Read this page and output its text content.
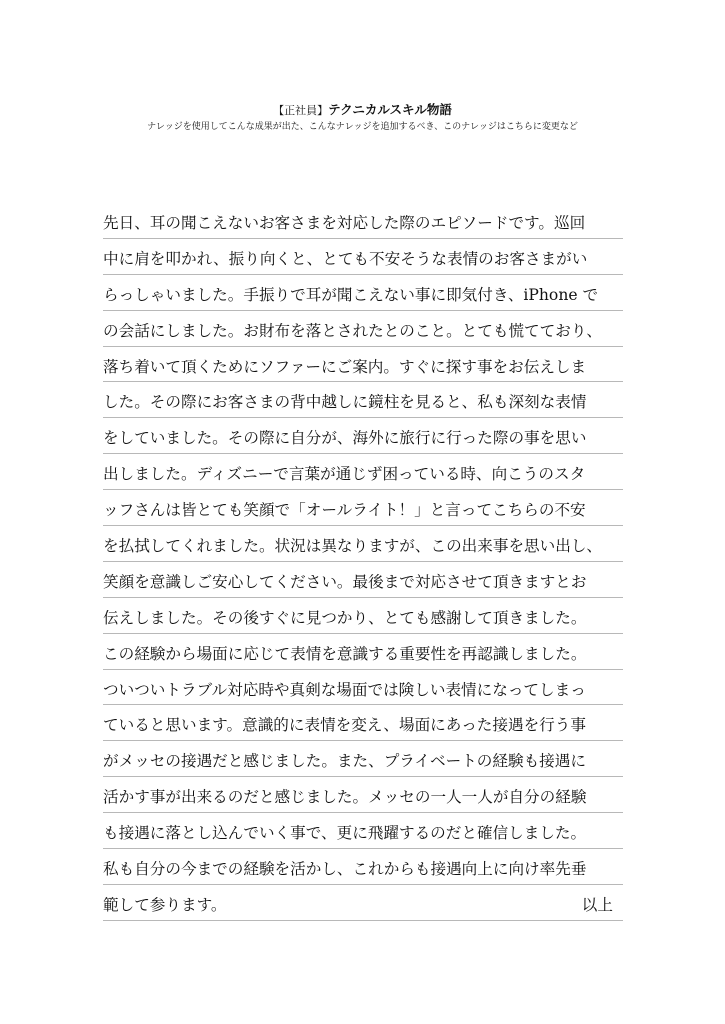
【正社員】テクニカルスキル物語
ナレッジを使用してこんな成果が出た、こんなナレッジを追加するべき、このナレッジはこちらに変更など
先日、耳の聞こえないお客さまを対応した際のエピソードです。巡回
中に肩を叩かれ、振り向くと、とても不安そうな表情のお客さまがい
らっしゃいました。手振りで耳が聞こえない事に即気付き、iPhone で
の会話にしました。お財布を落とされたとのこと。とても慌てており、
落ち着いて頂くためにソファーにご案内。すぐに探す事をお伝えしま
した。その際にお客さまの背中越しに鏡柱を見ると、私も深刻な表情
をしていました。その際に自分が、海外に旅行に行った際の事を思い
出しました。ディズニーで言葉が通じず困っている時、向こうのスタ
ッフさんは皆とても笑顔で「オールライト！」と言ってこちらの不安
を払拭してくれました。状況は異なりますが、この出来事を思い出し、
笑顔を意識しご安心してください。最後まで対応させて頂きますとお
伝えしました。その後すぐに見つかり、とても感謝して頂きました。
この経験から場面に応じて表情を意識する重要性を再認識しました。
ついついトラブル対応時や真剣な場面では険しい表情になってしまっ
ていると思います。意識的に表情を変え、場面にあった接遇を行う事
がメッセの接遇だと感じました。また、プライベートの経験も接遇に
活かす事が出来るのだと感じました。メッセの一人一人が自分の経験
も接遇に落とし込んでいく事で、更に飛躍するのだと確信しました。
私も自分の今までの経験を活かし、これからも接遇向上に向け率先垂
範して参ります。	以上
